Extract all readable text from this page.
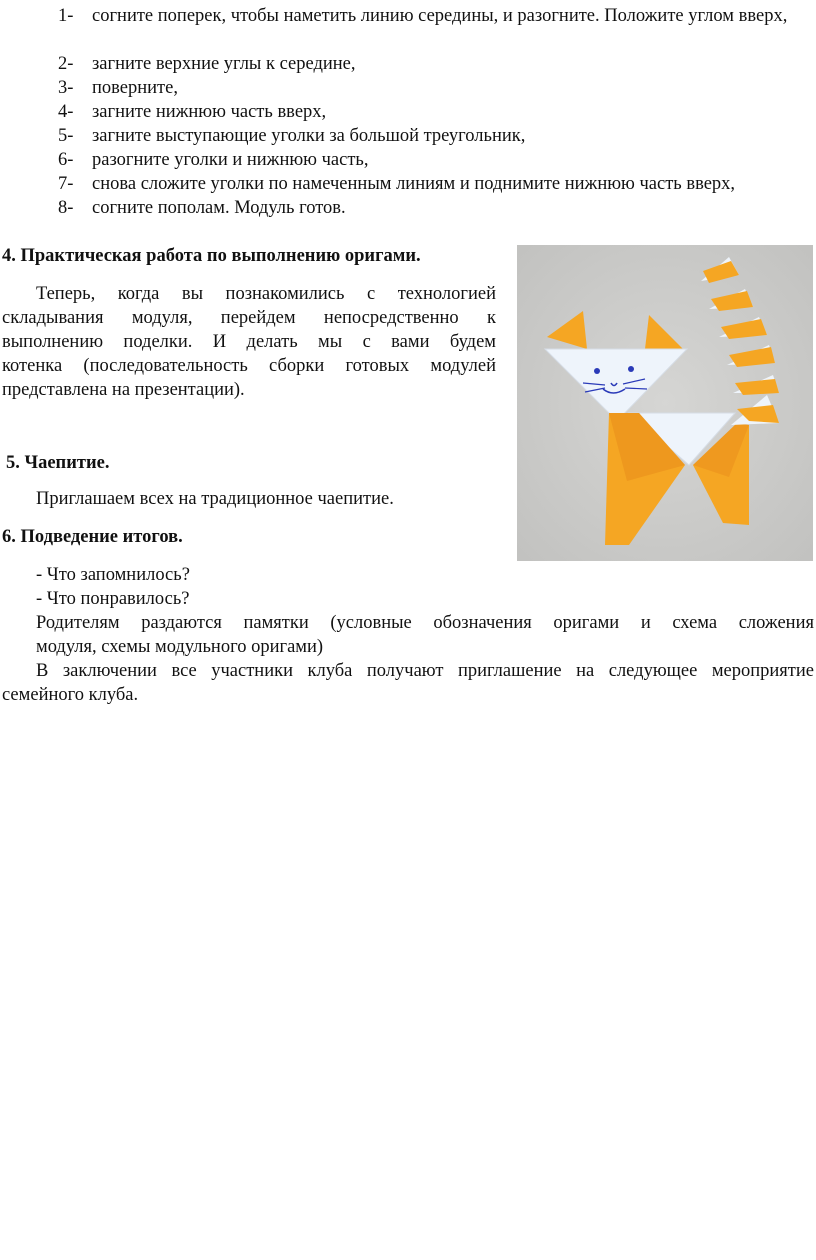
1- согните поперек, чтобы наметить линию середины, и разогните. Положите углом вверх,
2- загните верхние углы к середине,
3- поверните,
4- загните нижнюю часть вверх,
5- загните выступающие уголки за большой треугольник,
6- разогните уголки и нижнюю часть,
7- снова сложите уголки по намеченным линиям и поднимите нижнюю часть вверх,
8- согните пополам. Модуль готов.
4. Практическая работа по выполнению оригами.
Теперь, когда вы познакомились с технологией
складывания модуля, перейдем непосредственно к
выполнению поделки. И делать мы с вами будем
котенка (последовательность сборки готовых модулей
представлена на презентации).
5. Чаепитие.
Приглашаем всех на традиционное чаепитие.
6. Подведение итогов.
- Что запомнилось?
- Что понравилось?
Родителям раздаются памятки (условные обозначения оригами и схема сложения
модуля, схемы модульного оригами)
В заключении все участники клуба получают приглашение на следующее мероприятие
семейного клуба.
